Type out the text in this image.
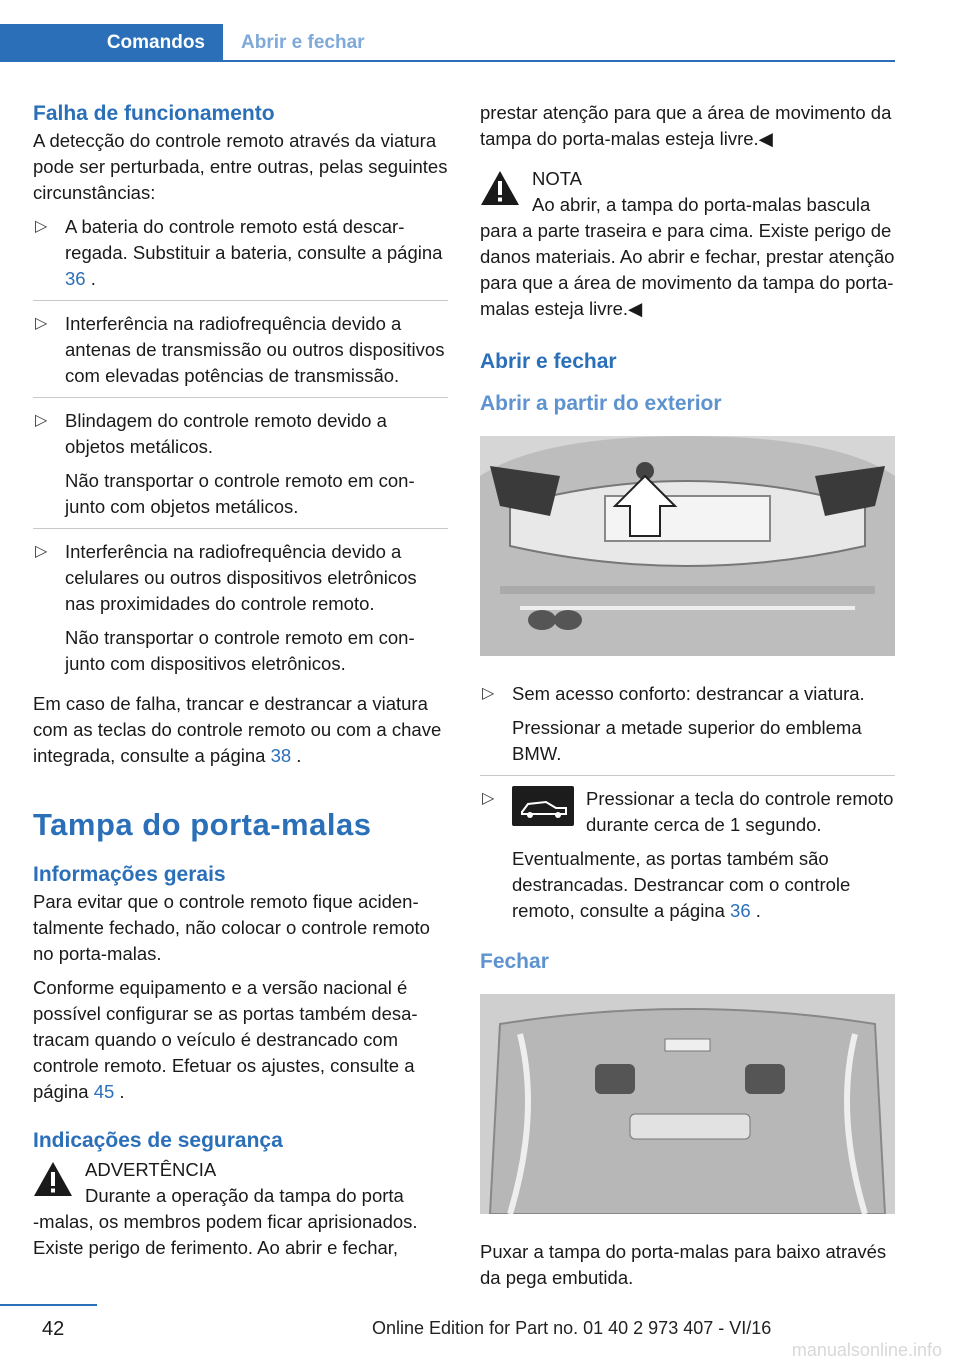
Comandos Abrir e fechar
Falha de funcionamento

A detecção do controle remoto através da viatura pode ser perturbada, entre outras, pelas seguintes circunstâncias:

▷ A bateria do controle remoto está descarregada. Substituir a bateria, consulte a página 36 .
▷ Interferência na radiofrequência devido a antenas de transmissão ou outros dispositivos com elevadas potências de transmissão.
▷ Blindagem do controle remoto devido a objetos metálicos.

Não transportar o controle remoto em conjunto com objetos metálicos.

▷ Interferência na radiofrequência devido a celulares ou outros dispositivos eletrônicos nas proximidades do controle remoto.

Não transportar o controle remoto em conjunto com dispositivos eletrônicos.

Em caso de falha, trancar e destrancar a viatura com as teclas do controle remoto ou com a chave integrada, consulte a página 38 .

Tampa do porta-malas
Informações gerais

Para evitar que o controle remoto fique acidentalmente fechado, não colocar o controle remoto no porta-malas.

Conforme equipamento e a versão nacional é possível configurar se as portas também desatracam quando o veículo é destrancado com controle remoto. Efetuar os ajustes, consulte a página 45 .

Indicações de segurança
ADVERTÊNCIA
Durante a operação da tampa do porta

-malas, os membros podem ficar aprisionados. Existe perigo de ferimento. Ao abrir e fechar,

prestar atenção para que a área de movimento da tampa do porta-malas esteja livre.◀

NOTA
Ao abrir, a tampa do porta-malas bascula

para a parte traseira e para cima. Existe perigo de danos materiais. Ao abrir e fechar, prestar atenção para que a área de movimento da tampa do porta-malas esteja livre.◀

Abrir e fechar
Abrir a partir do exterior
▷ Sem acesso conforto: destrancar a viatura.

Pressionar a metade superior do emblema BMW.

▷	Pressionar a tecla do controle remoto durante cerca de 1 segundo.

Eventualmente, as portas também são destrancadas. Destrancar com o controle remoto, consulte a página 36 .

Fechar

Puxar a tampa do porta-malas para baixo através da pega embutida.

42	Online Edition for Part no. 01 40 2 973 407 - VI/16
manualsonline.info
